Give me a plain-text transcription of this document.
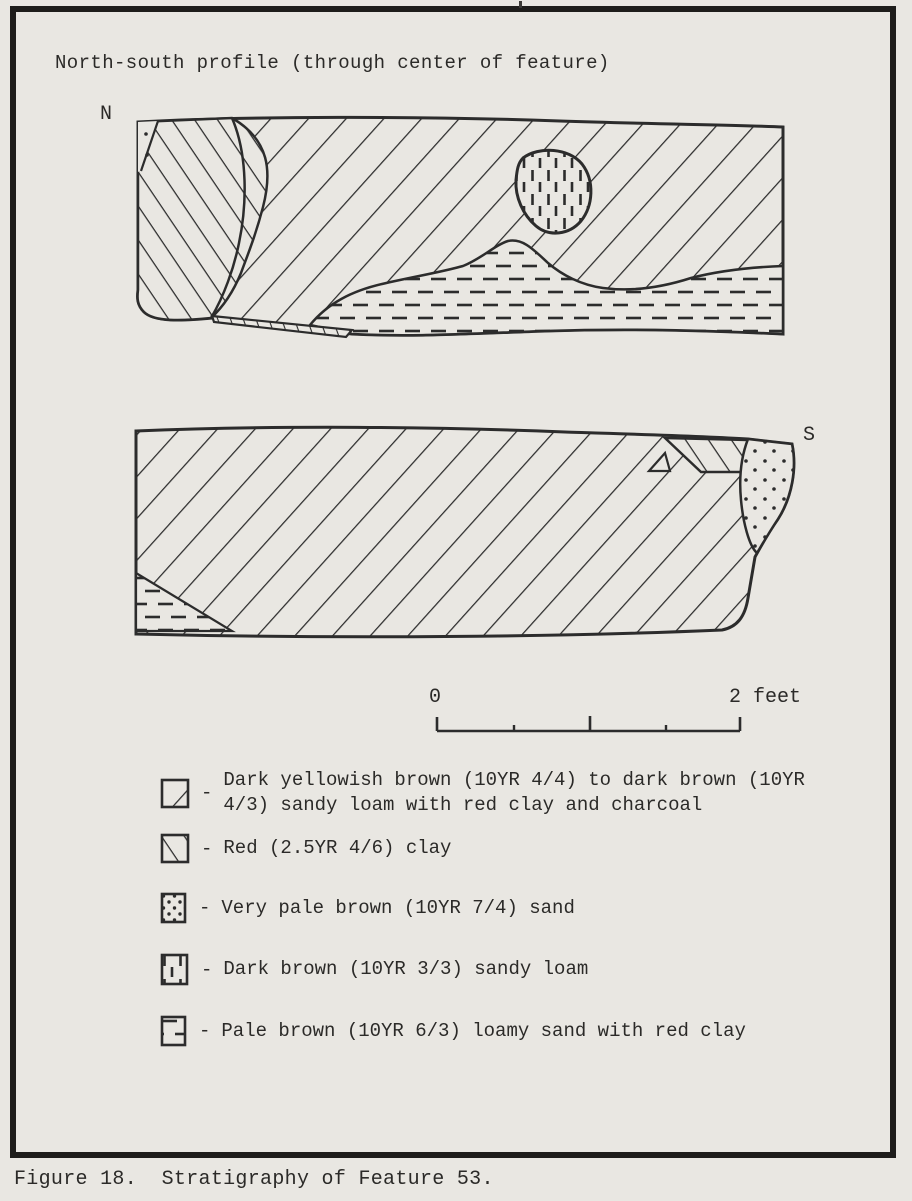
North-south profile (through center of feature)
N
S
0	2 feet
-
Dark yellowish brown (10YR 4/4) to dark brown (10YR 4/3) sandy loam with red clay and charcoal
- Red (2.5YR 4/6) clay
- Very pale brown (10YR 7/4) sand
- Dark brown (10YR 3/3) sandy loam
- Pale brown (10YR 6/3) loamy sand with red clay
Figure 18.  Stratigraphy of Feature 53.
